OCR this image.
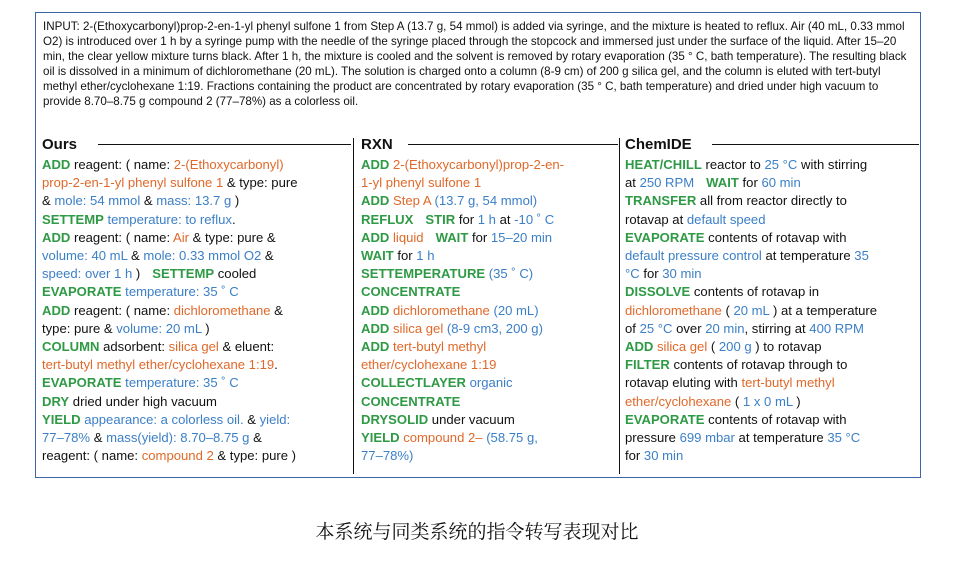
INPUT: 2-(Ethoxycarbonyl)prop-2-en-1-yl phenyl sulfone 1 from Step A (13.7 g, 54 mmol) is added via syringe, and the mixture is heated to reflux. Air (40 mL, 0.33 mmol O2) is introduced over 1 h by a syringe pump with the needle of the syringe placed through the stopcock and immersed just under the surface of the liquid. After 15–20 min, the clear yellow mixture turns black. After 1 h, the mixture is cooled and the solvent is removed by rotary evaporation (35 ° C, bath temperature). The resulting black oil is dissolved in a minimum of dichloromethane (20 mL). The solution is charged onto a column (8-9 cm) of 200 g silica gel, and the column is eluted with tert-butyl methyl ether/cyclohexane 1:19. Fractions containing the product are concentrated by rotary evaporation (35 ° C, bath temperature) and dried under high vacuum to provide 8.70–8.75 g compound 2 (77–78%) as a colorless oil.

Ours
ADD reagent: ( name: 2-(Ethoxycarbonyl)
prop-2-en-1-yl phenyl sulfone 1 & type: pure
& mole: 54 mmol & mass: 13.7 g )
SETTEMP temperature: to reflux.
ADD reagent: ( name: Air & type: pure &
volume: 40 mL & mole: 0.33 mmol O2 &
speed: over 1 h ) SETTEMP cooled
EVAPORATE temperature: 35 ˚ C
ADD reagent: ( name: dichloromethane &
type: pure & volume: 20 mL )
COLUMN adsorbent: silica gel & eluent:
tert-butyl methyl ether/cyclohexane 1:19.
EVAPORATE temperature: 35 ˚ C
DRY dried under high vacuum
YIELD appearance: a colorless oil. & yield:
77–78% & mass(yield): 8.70–8.75 g &
reagent: ( name: compound 2 & type: pure )
RXN
ADD 2-(Ethoxycarbonyl)prop-2-en-
1-yl phenyl sulfone 1
ADD Step A (13.7 g, 54 mmol)
REFLUX STIR for 1 h at -10 ˚ C
ADD liquid WAIT for 15–20 min
WAIT for 1 h
SETTEMPERATURE (35 ˚ C)
CONCENTRATE
ADD dichloromethane (20 mL)
ADD silica gel (8-9 cm3, 200 g)
ADD tert-butyl methyl
ether/cyclohexane 1:19
COLLECTLAYER organic
CONCENTRATE
DRYSOLID under vacuum
YIELD compound 2– (58.75 g,
77–78%)
ChemIDE
HEAT/CHILL reactor to 25 °C with stirring
at 250 RPM WAIT for 60 min
TRANSFER all from reactor directly to
rotavap at default speed
EVAPORATE contents of rotavap with
default pressure control at temperature 35
°C for 30 min
DISSOLVE contents of rotavap in
dichloromethane ( 20 mL ) at a temperature
of 25 °C over 20 min, stirring at 400 RPM
ADD silica gel ( 200 g ) to rotavap
FILTER contents of rotavap through to
rotavap eluting with tert-butyl methyl
ether/cyclohexane ( 1 x 0 mL )
EVAPORATE contents of rotavap with
pressure 699 mbar at temperature 35 °C
for 30 min
本系统与同类系统的指令转写表现对比
